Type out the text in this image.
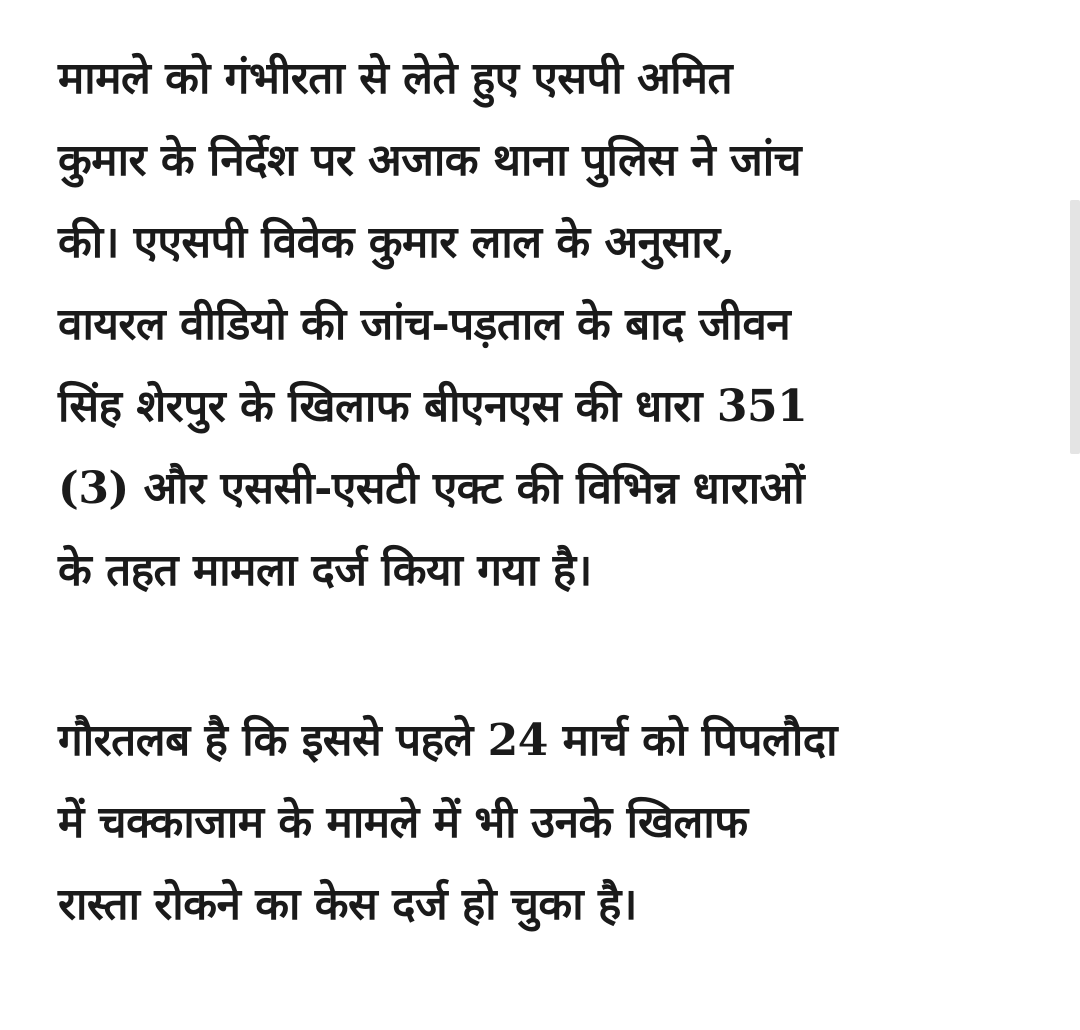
मामले को गंभीरता से लेते हुए एसपी अमित
कुमार के निर्देश पर अजाक थाना पुलिस ने जांच
की। एएसपी विवेक कुमार लाल के अनुसार,
वायरल वीडियो की जांच-पड़ताल के बाद जीवन
सिंह शेरपुर के खिलाफ बीएनएस की धारा 351
(3) और एससी-एसटी एक्ट की विभिन्न धाराओं
के तहत मामला दर्ज किया गया है।
गौरतलब है कि इससे पहले 24 मार्च को पिपलौदा
में चक्काजाम के मामले में भी उनके खिलाफ
रास्ता रोकने का केस दर्ज हो चुका है।
